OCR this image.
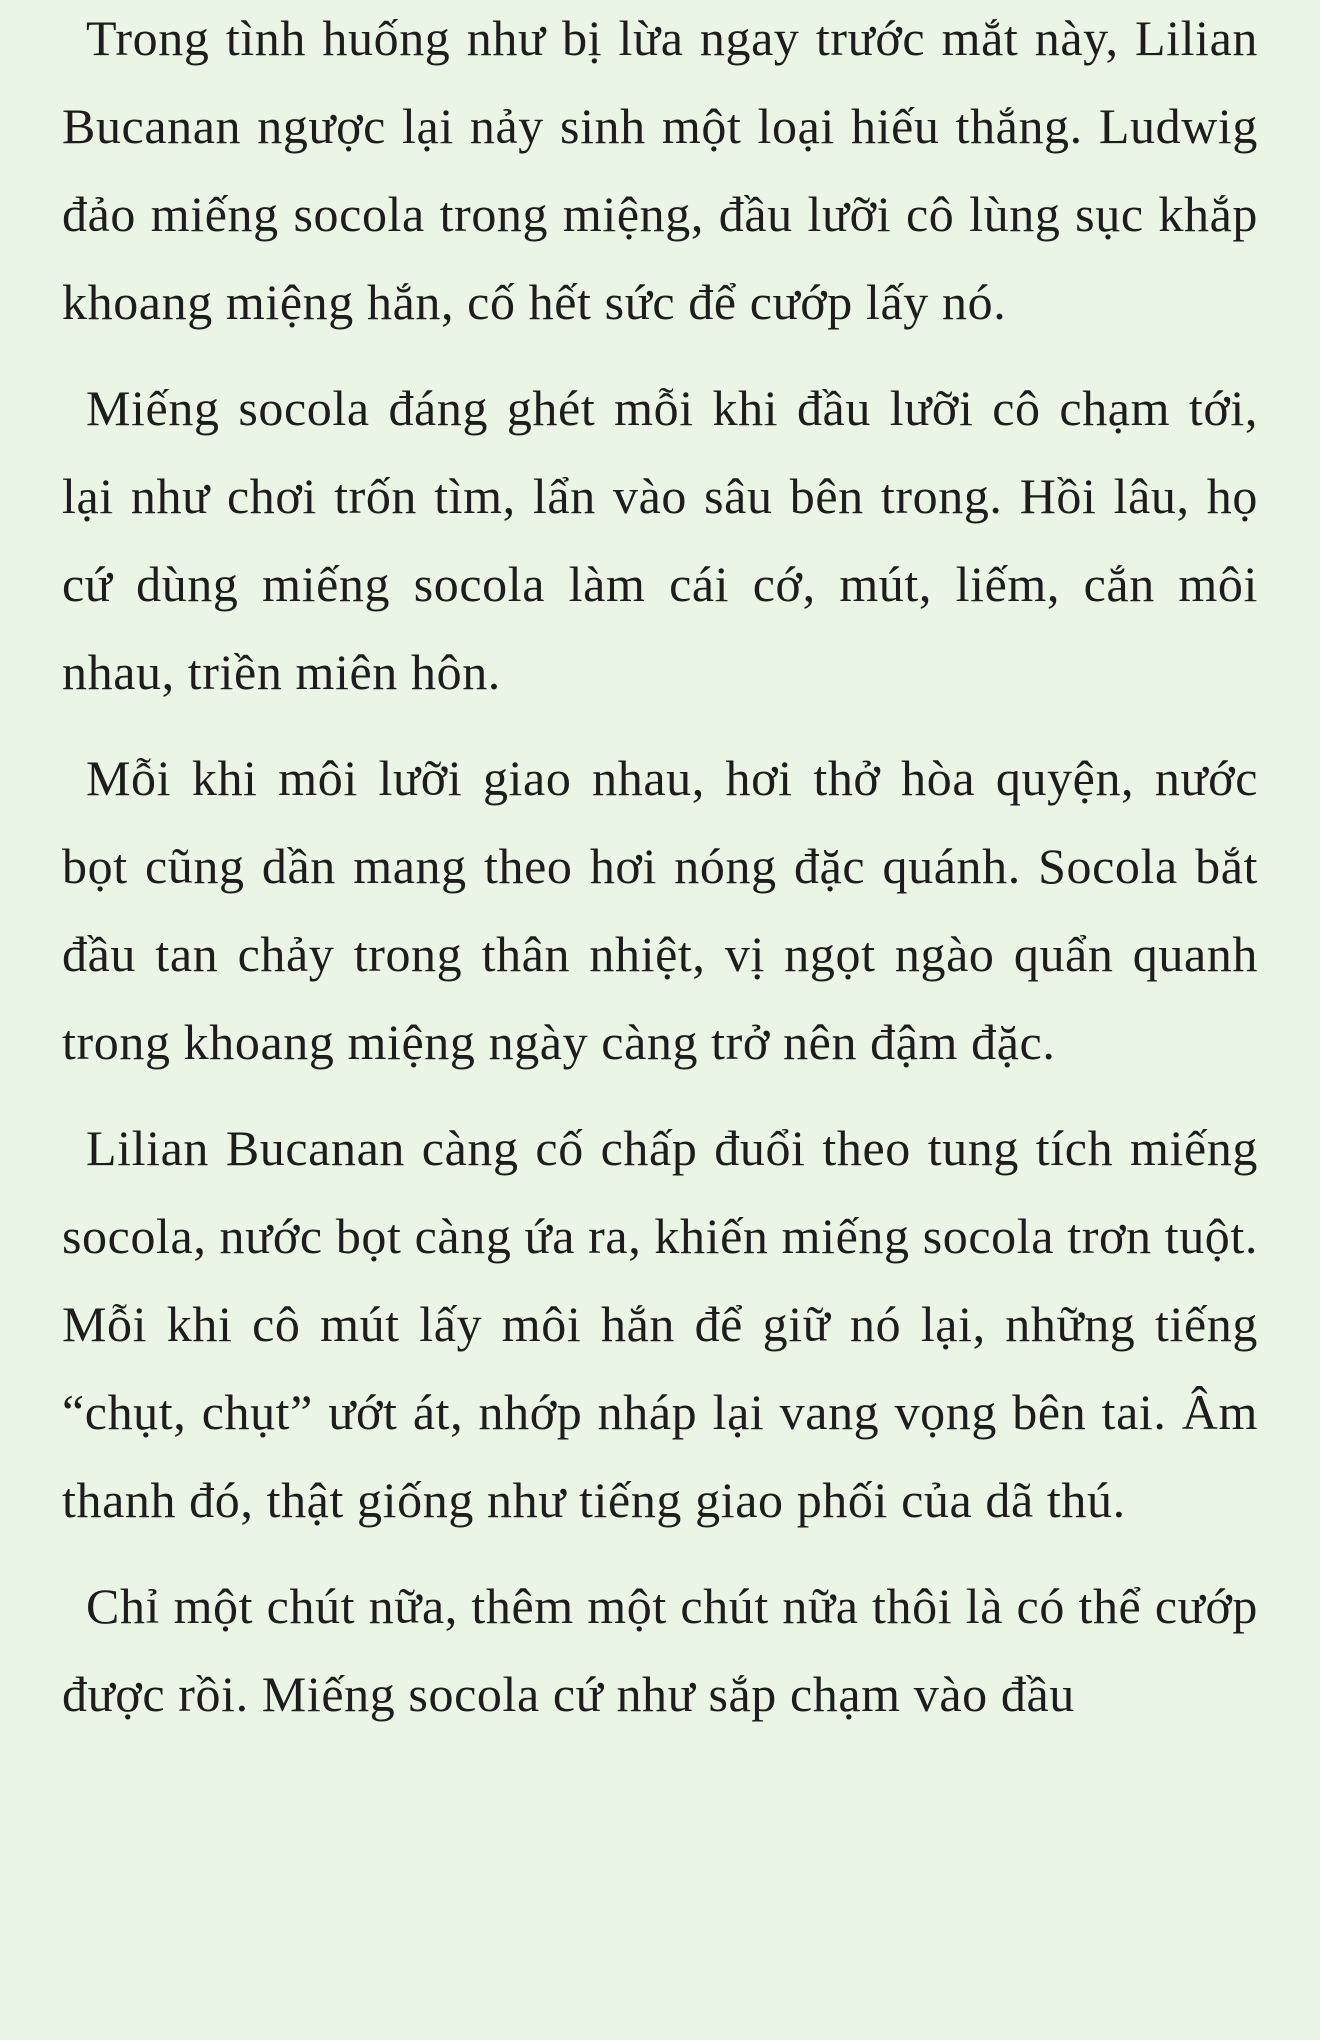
Trong tình huống như bị lừa ngay trước mắt này, Lilian Bucanan ngược lại nảy sinh một loại hiếu thắng. Ludwig đảo miếng socola trong miệng, đầu lưỡi cô lùng sục khắp khoang miệng hắn, cố hết sức để cướp lấy nó.

Miếng socola đáng ghét mỗi khi đầu lưỡi cô chạm tới, lại như chơi trốn tìm, lẩn vào sâu bên trong. Hồi lâu, họ cứ dùng miếng socola làm cái cớ, mút, liếm, cắn môi nhau, triền miên hôn.

Mỗi khi môi lưỡi giao nhau, hơi thở hòa quyện, nước bọt cũng dần mang theo hơi nóng đặc quánh. Socola bắt đầu tan chảy trong thân nhiệt, vị ngọt ngào quẩn quanh trong khoang miệng ngày càng trở nên đậm đặc.

Lilian Bucanan càng cố chấp đuổi theo tung tích miếng socola, nước bọt càng ứa ra, khiến miếng socola trơn tuột. Mỗi khi cô mút lấy môi hắn để giữ nó lại, những tiếng “chụt, chụt” ướt át, nhớp nháp lại vang vọng bên tai. Âm thanh đó, thật giống như tiếng giao phối của dã thú.

Chỉ một chút nữa, thêm một chút nữa thôi là có thể cướp được rồi. Miếng socola cứ như sắp chạm vào đầu
